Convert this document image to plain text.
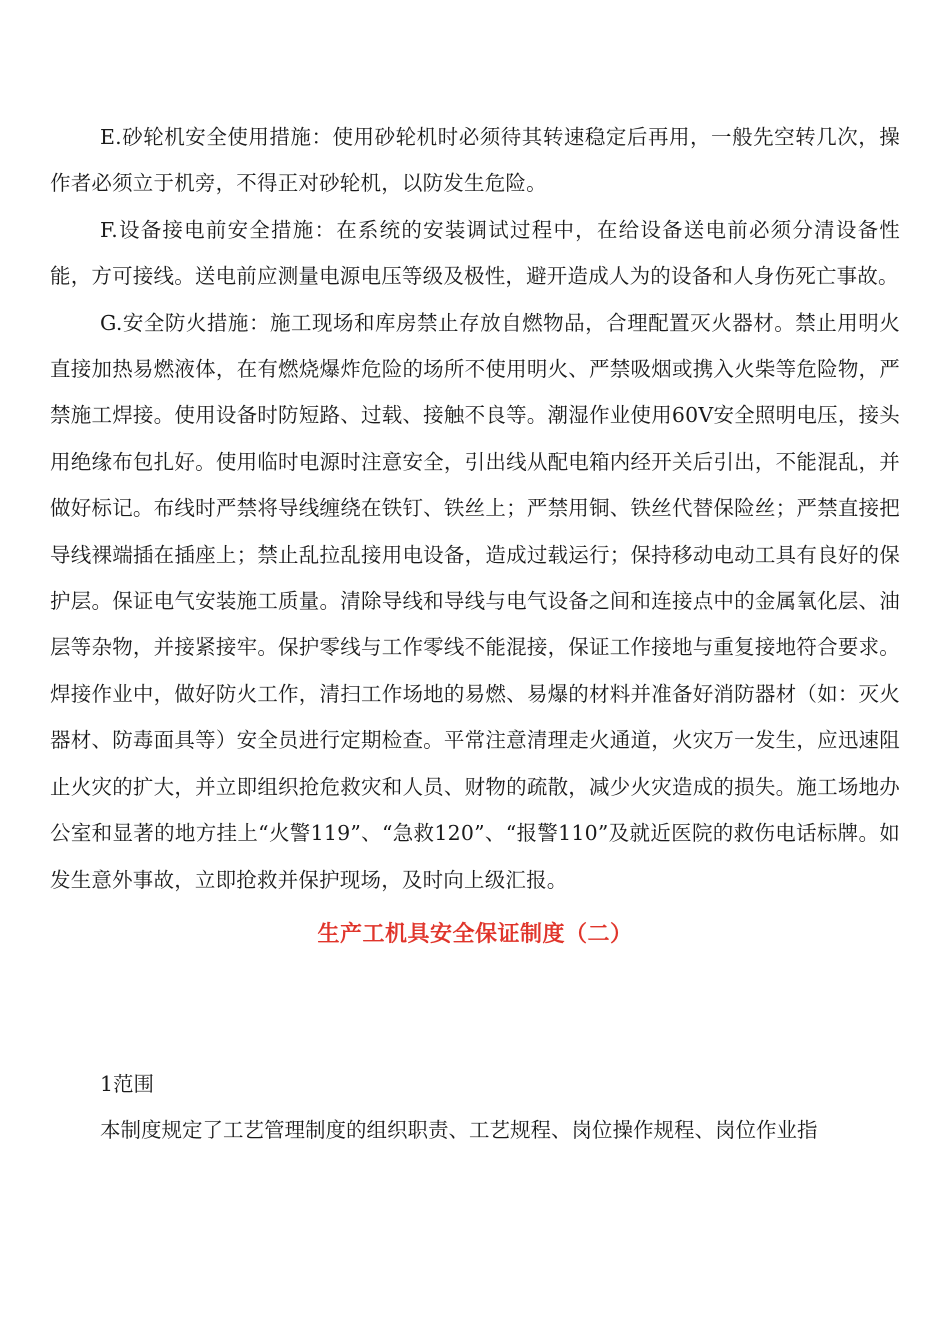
E.砂轮机安全使用措施：使用砂轮机时必须待其转速稳定后再用，一般先空转几次，操作者必须立于机旁，不得正对砂轮机，以防发生危险。

F.设备接电前安全措施：在系统的安装调试过程中，在给设备送电前必须分清设备性能，方可接线。送电前应测量电源电压等级及极性，避开造成人为的设备和人身伤死亡事故。

G.安全防火措施：施工现场和库房禁止存放自燃物品，合理配置灭火器材。禁止用明火直接加热易燃液体，在有燃烧爆炸危险的场所不使用明火、严禁吸烟或携入火柴等危险物，严禁施工焊接。使用设备时防短路、过载、接触不良等。潮湿作业使用60V安全照明电压，接头用绝缘布包扎好。使用临时电源时注意安全，引出线从配电箱内经开关后引出，不能混乱，并做好标记。布线时严禁将导线缠绕在铁钉、铁丝上；严禁用铜、铁丝代替保险丝；严禁直接把导线裸端插在插座上；禁止乱拉乱接用电设备，造成过载运行；保持移动电动工具有良好的保护层。保证电气安装施工质量。清除导线和导线与电气设备之间和连接点中的金属氧化层、油层等杂物，并接紧接牢。保护零线与工作零线不能混接，保证工作接地与重复接地符合要求。焊接作业中，做好防火工作，清扫工作场地的易燃、易爆的材料并准备好消防器材（如：灭火器材、防毒面具等）安全员进行定期检查。平常注意清理走火通道，火灾万一发生，应迅速阻止火灾的扩大，并立即组织抢危救灾和人员、财物的疏散，减少火灾造成的损失。施工场地办公室和显著的地方挂上“火警119”、“急救120”、“报警110”及就近医院的救伤电话标牌。如发生意外事故，立即抢救并保护现场，及时向上级汇报。

生产工机具安全保证制度（二）

1范围

本制度规定了工艺管理制度的组织职责、工艺规程、岗位操作规程、岗位作业指
